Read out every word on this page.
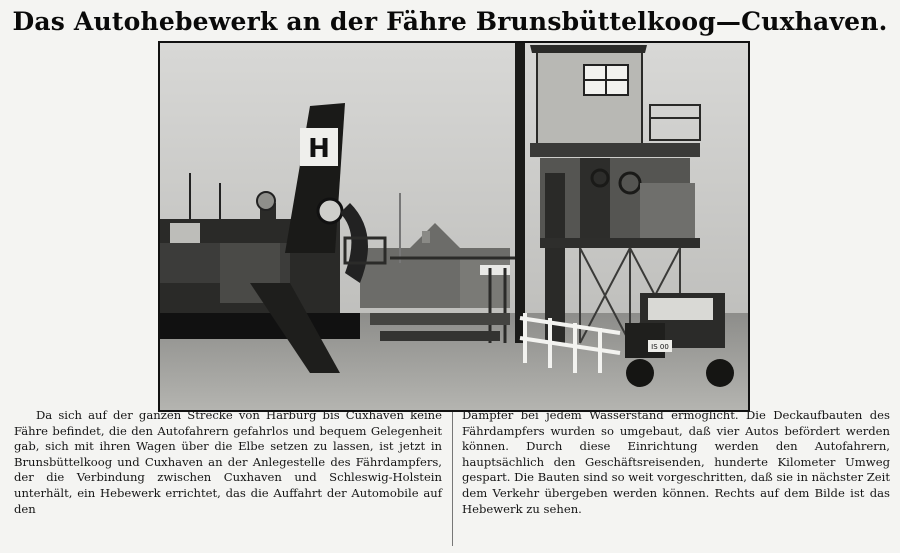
Das Autohebewerk an der Fähre Brunsbüttelkoog—Cuxhaven.
H
IS 00
Da sich auf der ganzen Strecke von Harburg bis Cuxhaven keine Fähre befindet, die den Autofahrern gefahrlos und bequem Gelegenheit gab, sich mit ihren Wagen über die Elbe setzen zu lassen, ist jetzt in Brunsbüttelkoog und Cuxhaven an der Anlegestelle des Fährdampfers, der die Verbindung zwischen Cuxhaven und Schleswig-Holstein unterhält, ein Hebewerk errichtet, das die Auffahrt der Automobile auf den
Dampfer bei jedem Wasserstand ermöglicht. Die Deckaufbauten des Fährdampfers wurden so umgebaut, daß vier Autos befördert werden können. Durch diese Einrichtung werden den Autofahrern, hauptsächlich den Geschäftsreisenden, hunderte Kilometer Umweg gespart. Die Bauten sind so weit vorgeschritten, daß sie in nächster Zeit dem Verkehr übergeben werden können. Rechts auf dem Bilde ist das Hebewerk zu sehen.
